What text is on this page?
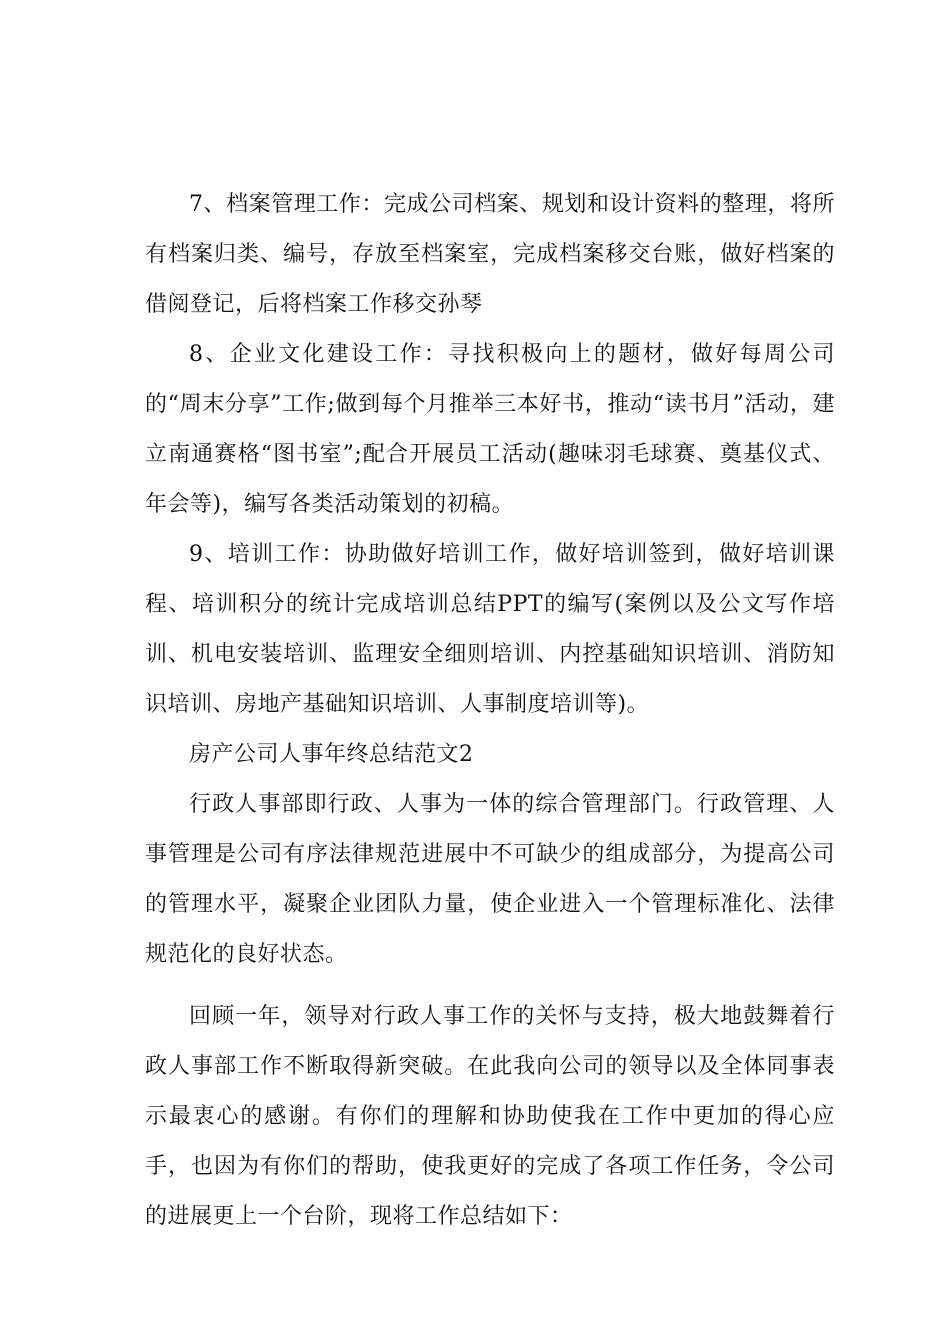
7、档案管理工作：完成公司档案、规划和设计资料的整理，将所有档案归类、编号，存放至档案室，完成档案移交台账，做好档案的借阅登记，后将档案工作移交孙琴

8、企业文化建设工作：寻找积极向上的题材，做好每周公司的“周末分享”工作;做到每个月推举三本好书，推动“读书月”活动，建立南通赛格“图书室”;配合开展员工活动(趣味羽毛球赛、奠基仪式、年会等)，编写各类活动策划的初稿。

9、培训工作：协助做好培训工作，做好培训签到，做好培训课程、培训积分的统计完成培训总结PPT的编写(案例以及公文写作培训、机电安装培训、监理安全细则培训、内控基础知识培训、消防知识培训、房地产基础知识培训、人事制度培训等)。

房产公司人事年终总结范文2

行政人事部即行政、人事为一体的综合管理部门。行政管理、人事管理是公司有序法律规范进展中不可缺少的组成部分，为提高公司的管理水平，凝聚企业团队力量，使企业进入一个管理标准化、法律规范化的良好状态。

回顾一年，领导对行政人事工作的关怀与支持，极大地鼓舞着行政人事部工作不断取得新突破。在此我向公司的领导以及全体同事表示最衷心的感谢。有你们的理解和协助使我在工作中更加的得心应手，也因为有你们的帮助，使我更好的完成了各项工作任务，令公司的进展更上一个台阶，现将工作总结如下：
